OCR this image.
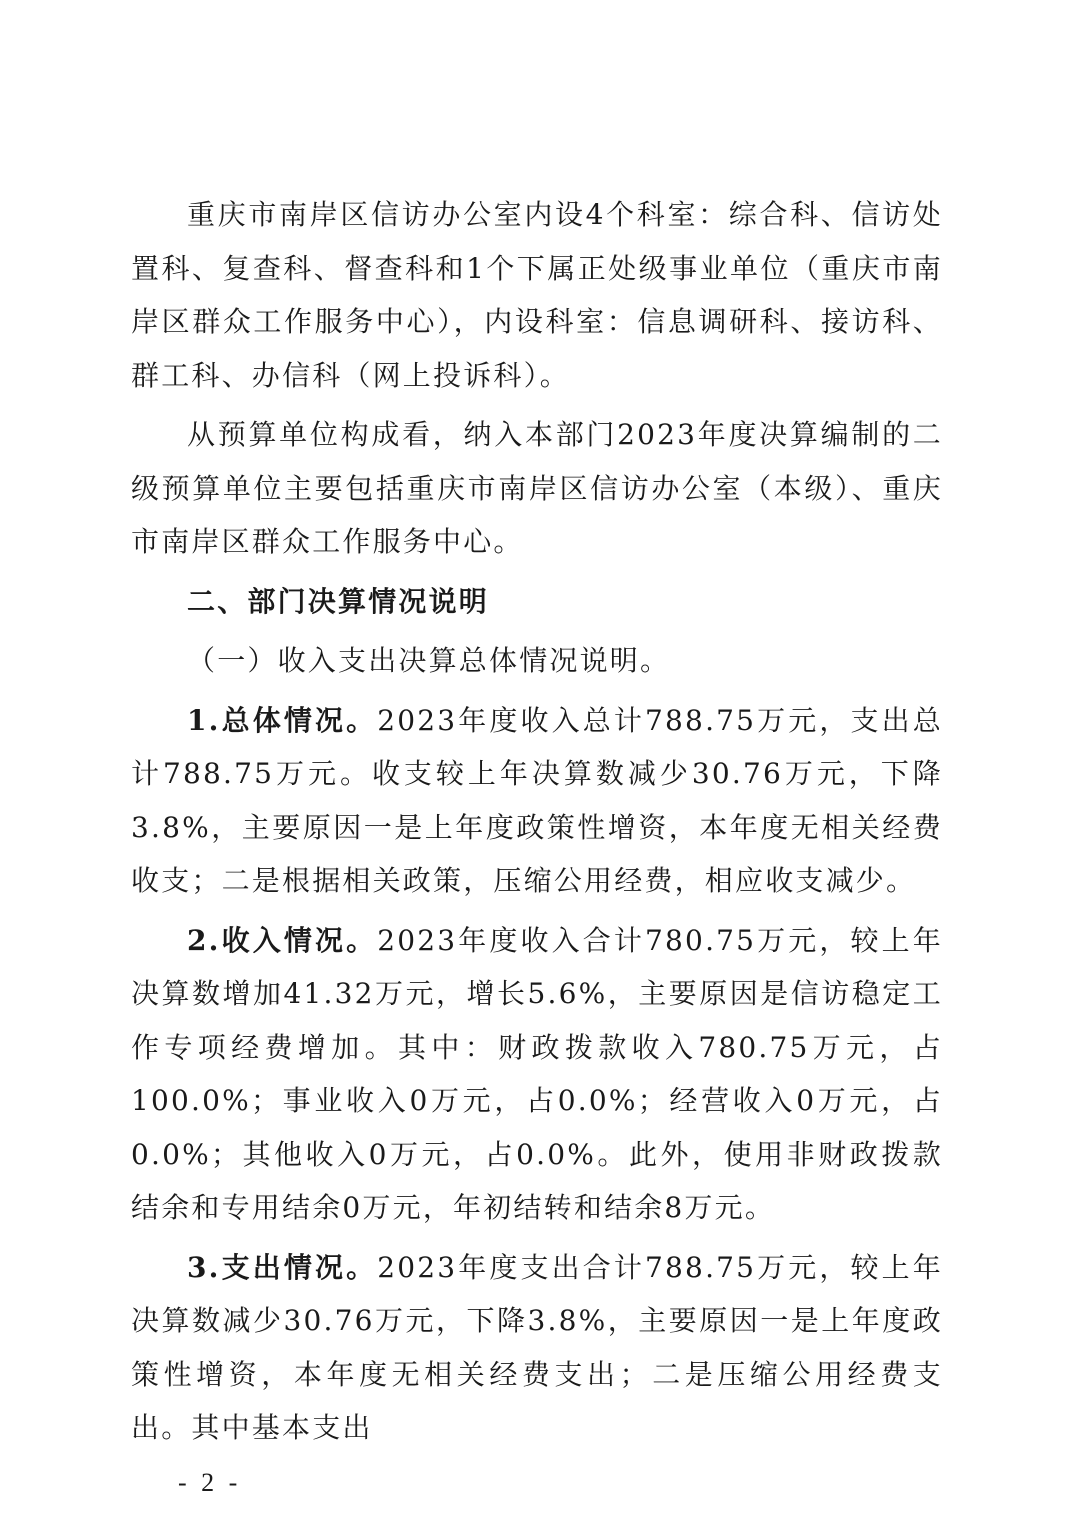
重庆市南岸区信访办公室内设4个科室：综合科、信访处置科、复查科、督查科和1个下属正处级事业单位（重庆市南岸区群众工作服务中心），内设科室：信息调研科、接访科、群工科、办信科（网上投诉科）。

从预算单位构成看，纳入本部门2023年度决算编制的二级预算单位主要包括重庆市南岸区信访办公室（本级）、重庆市南岸区群众工作服务中心。

二、部门决算情况说明

（一）收入支出决算总体情况说明。

1.总体情况。2023年度收入总计788.75万元，支出总计788.75万元。收支较上年决算数减少30.76万元，下降3.8%，主要原因一是上年度政策性增资，本年度无相关经费收支；二是根据相关政策，压缩公用经费，相应收支减少。

2.收入情况。2023年度收入合计780.75万元，较上年决算数增加41.32万元，增长5.6%，主要原因是信访稳定工作专项经费增加。其中：财政拨款收入780.75万元，占100.0%；事业收入0万元，占0.0%；经营收入0万元，占0.0%；其他收入0万元，占0.0%。此外，使用非财政拨款结余和专用结余0万元，年初结转和结余8万元。

3.支出情况。2023年度支出合计788.75万元，较上年决算数减少30.76万元，下降3.8%，主要原因一是上年度政策性增资，本年度无相关经费支出；二是压缩公用经费支出。其中基本支出

- 2 -
